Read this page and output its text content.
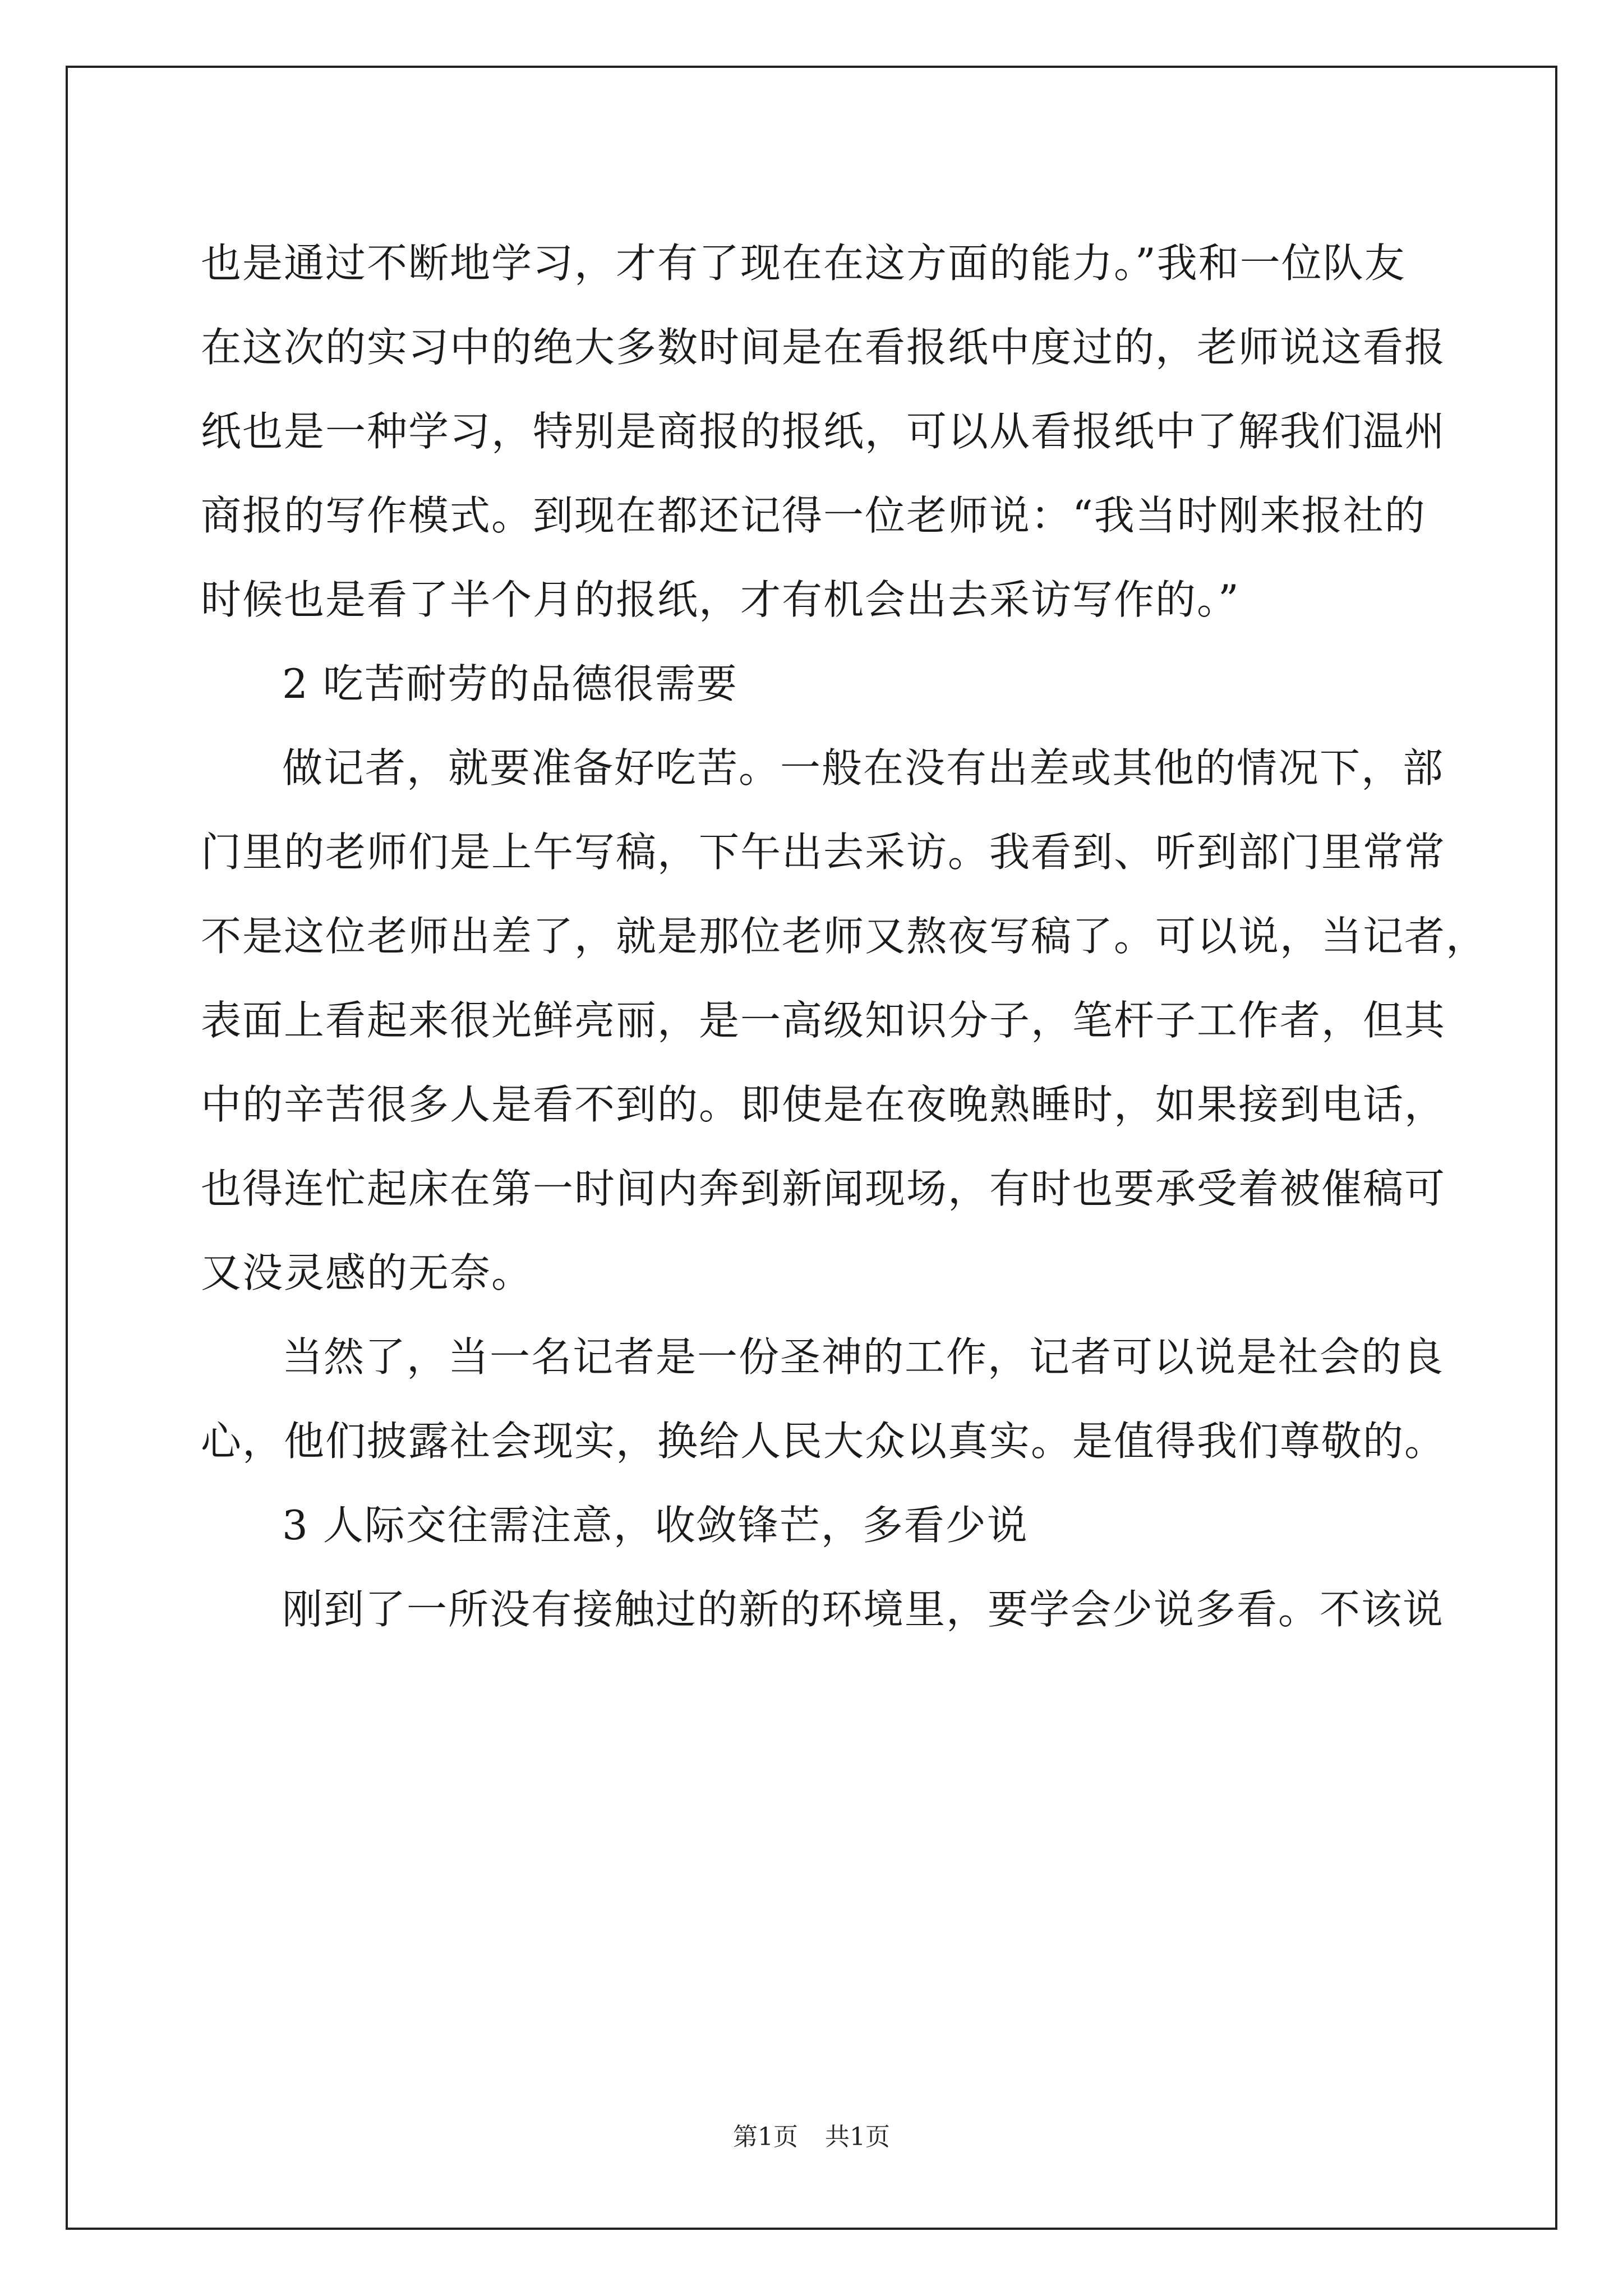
也是通过不断地学习，才有了现在在这方面的能力。”我和一位队友
在这次的实习中的绝大多数时间是在看报纸中度过的，老师说这看报
纸也是一种学习，特别是商报的报纸，可以从看报纸中了解我们温州
商报的写作模式。到现在都还记得一位老师说：“我当时刚来报社的
时候也是看了半个月的报纸，才有机会出去采访写作的。”
2 吃苦耐劳的品德很需要
做记者，就要准备好吃苦。一般在没有出差或其他的情况下，部
门里的老师们是上午写稿，下午出去采访。我看到、听到部门里常常
不是这位老师出差了，就是那位老师又熬夜写稿了。可以说，当记者，
表面上看起来很光鲜亮丽，是一高级知识分子，笔杆子工作者，但其
中的辛苦很多人是看不到的。即使是在夜晚熟睡时，如果接到电话，
也得连忙起床在第一时间内奔到新闻现场，有时也要承受着被催稿可
又没灵感的无奈。
当然了，当一名记者是一份圣神的工作，记者可以说是社会的良
心，他们披露社会现实，换给人民大众以真实。是值得我们尊敬的。
3 人际交往需注意，收敛锋芒，多看少说
刚到了一所没有接触过的新的环境里，要学会少说多看。不该说
第1页 共1页
